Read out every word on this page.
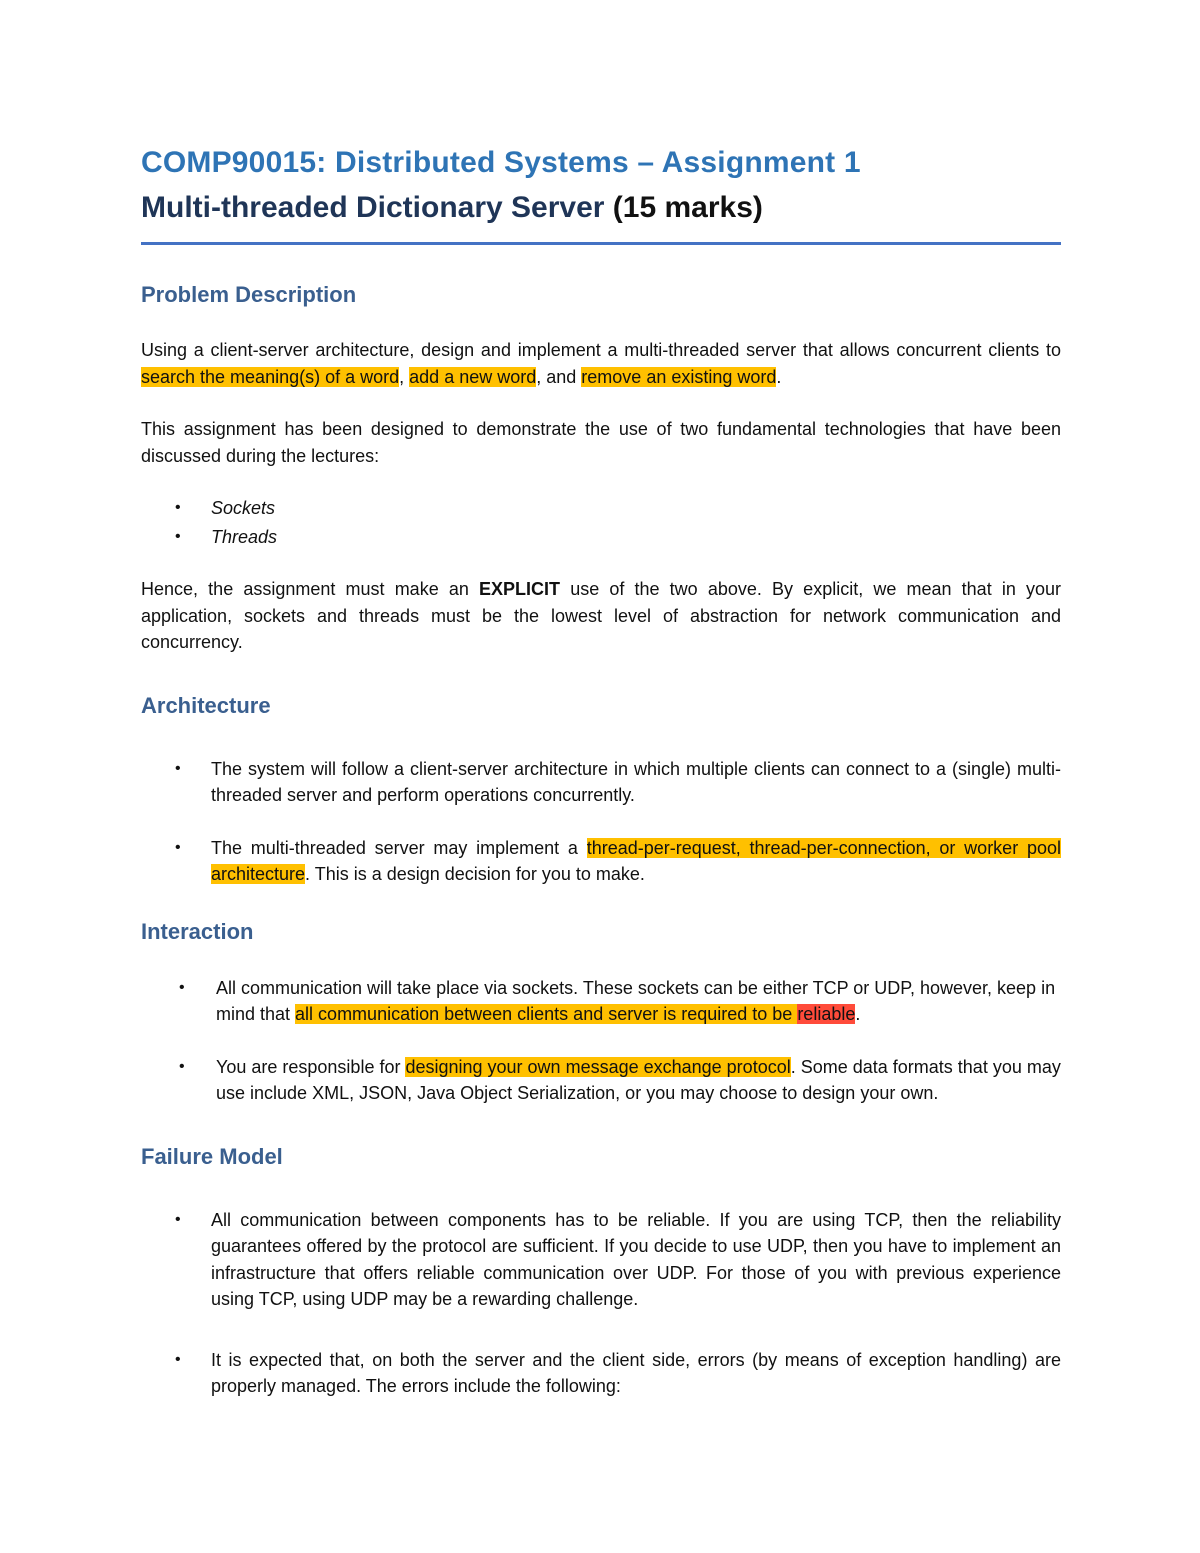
COMP90015: Distributed Systems – Assignment 1
Multi-threaded Dictionary Server (15 marks)
Problem Description

Using a client-server architecture, design and implement a multi-threaded server that allows concurrent clients to search the meaning(s) of a word, add a new word, and remove an existing word.

This assignment has been designed to demonstrate the use of two fundamental technologies that have been discussed during the lectures:

• Sockets
• Threads

Hence, the assignment must make an EXPLICIT use of the two above. By explicit, we mean that in your application, sockets and threads must be the lowest level of abstraction for network communication and concurrency.

Architecture
• The system will follow a client-server architecture in which multiple clients can connect to a (single) multi-threaded server and perform operations concurrently.
• The multi-threaded server may implement a thread-per-request, thread-per-connection, or worker pool architecture. This is a design decision for you to make.
Interaction
• All communication will take place via sockets. These sockets can be either TCP or UDP, however, keep in mind that all communication between clients and server is required to be reliable.
• You are responsible for designing your own message exchange protocol. Some data formats that you may use include XML, JSON, Java Object Serialization, or you may choose to design your own.
Failure Model
• All communication between components has to be reliable. If you are using TCP, then the reliability guarantees offered by the protocol are sufficient. If you decide to use UDP, then you have to implement an infrastructure that offers reliable communication over UDP. For those of you with previous experience using TCP, using UDP may be a rewarding challenge.
• It is expected that, on both the server and the client side, errors (by means of exception handling) are properly managed. The errors include the following:
